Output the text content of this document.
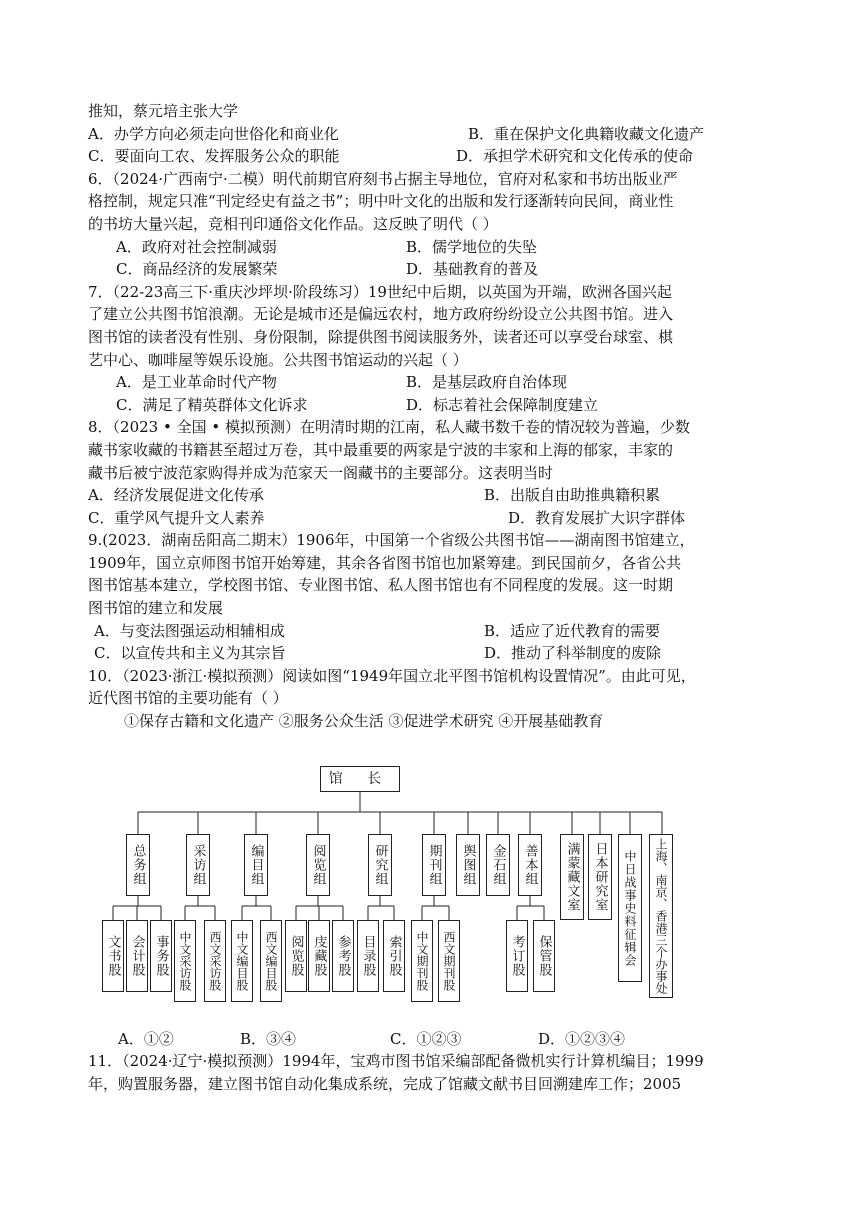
推知，蔡元培主张大学
A．办学方向必须走向世俗化和商业化	B．重在保护文化典籍收藏文化遗产
C．要面向工农、发挥服务公众的职能	D．承担学术研究和文化传承的使命
6．（2024·广西南宁·二模）明代前期官府刻书占据主导地位，官府对私家和书坊出版业严
格控制，规定只准“刊定经史有益之书”；明中叶文化的出版和发行逐渐转向民间，商业性
的书坊大量兴起，竞相刊印通俗文化作品。这反映了明代（ ）
A．政府对社会控制减弱	B．儒学地位的失坠
C．商品经济的发展繁荣	D．基础教育的普及
7．（22-23高三下·重庆沙坪坝·阶段练习）19世纪中后期，以英国为开端，欧洲各国兴起
了建立公共图书馆浪潮。无论是城市还是偏远农村，地方政府纷纷设立公共图书馆。进入
图书馆的读者没有性别、身份限制，除提供图书阅读服务外，读者还可以享受台球室、棋
艺中心、咖啡屋等娱乐设施。公共图书馆运动的兴起（ ）
A．是工业革命时代产物	B．是基层政府自治体现
C．满足了精英群体文化诉求	D．标志着社会保障制度建立
8．（2023 • 全国 • 模拟预测）在明清时期的江南，私人藏书数千卷的情况较为普遍，少数
藏书家收藏的书籍甚至超过万卷，其中最重要的两家是宁波的丰家和上海的郁家，丰家的
藏书后被宁波范家购得并成为范家天一阁藏书的主要部分。这表明当时
A．经济发展促进文化传承	B．出版自由助推典籍积累
C．重学风气提升文人素养	D．教育发展扩大识字群体
9.(2023．湖南岳阳高二期末）1906年，中国第一个省级公共图书馆——湖南图书馆建立，
1909年，国立京师图书馆开始筹建，其余各省图书馆也加紧筹建。到民国前夕，各省公共
图书馆基本建立，学校图书馆、专业图书馆、私人图书馆也有不同程度的发展。这一时期
图书馆的建立和发展
A．与变法图强运动相辅相成	B．适应了近代教育的需要
C．以宣传共和主义为其宗旨	D．推动了科举制度的废除
10．（2023·浙江·模拟预测）阅读如图“1949年国立北平图书馆机构设置情况”。由此可见，
近代图书馆的主要功能有（ ）
①保存古籍和文化遗产 ②服务公众生活 ③促进学术研究 ④开展基础教育
馆 长
总务组	采访组	编目组	阅览组	研究组	期刊组	舆图组	金石组	善本组	满蒙藏文室	日本研究室	中日战事史料征辑会	上海、南京、香港三个办事处
文书股 会计股 事务股 中文采访股	西文采访股	中文编目股	西文编目股 阅览股 庋藏股 参考股 目录股 索引股	中文期刊股	西文期刊股	考订股 保管股
A．①②	B．③④	C．①②③	D．①②③④
11．（2024·辽宁·模拟预测）1994年，宝鸡市图书馆采编部配备微机实行计算机编目；1999
年，购置服务器，建立图书馆自动化集成系统，完成了馆藏文献书目回溯建库工作；2005
